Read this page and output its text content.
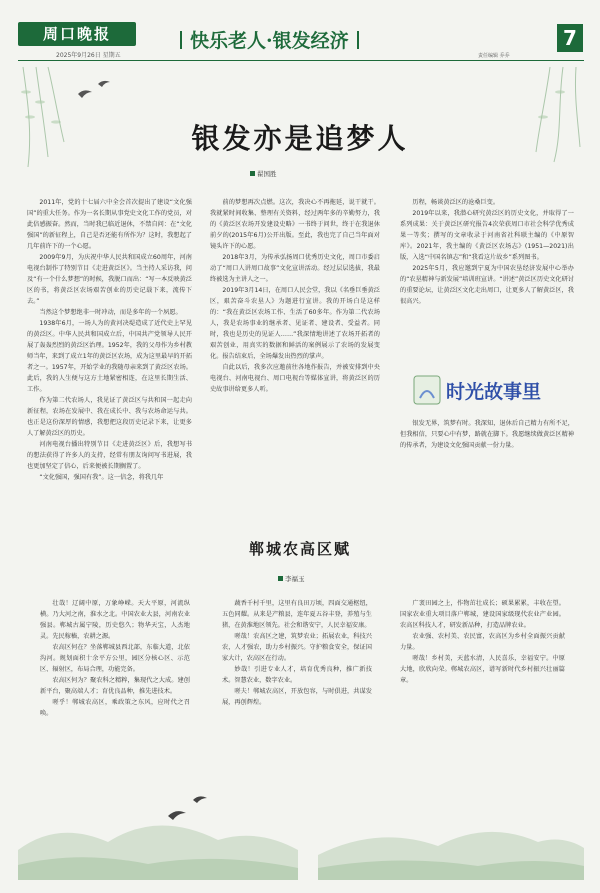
周口晚报	快乐老人·银发经济
2025年9月26日 星期五	责任编辑 乔乔
7
银发亦是追梦人
翟国胜

2011年，党的十七届六中全会首次提出了建设“文化强国”的重大任务。作为一名长期从事党史文化工作的党员，对此倍感振奋。然而，当时我已临近退休，不禁自问：在“文化强国”的新征程上，自己是否还能有所作为？这时，我想起了几年前许下的一个心愿。

2009年9月，为庆祝中华人民共和国成立60周年，河南电视台制作了特别节目《走进黄泛区》。当主持人采访我，问及“有一个什么梦想”的时候，我脱口而出：“写一本反映黄泛区的书，将黄泛区农场艰苦创业的历史记载下来，流传下去。”

当然这个梦想绝非一时冲动，而是多年的一个夙愿。

1938年6月，一场人为的黄河决堤造成了近代史上罕见的黄泛区。中华人民共和国成立后，中国共产党领导人民开展了轰轰烈烈的黄泛区治理。1952年，我的父母作为乡村教师当年，来到了成立1年的黄泛区农场，成为这里最早的开拓者之一。1957年，开始学业的我随母亲来到了黄泛区农场。此后，我的人生便与这方土地紧密相连，在这里长期生活、工作。

作为第二代农场人，我见证了黄泛区与共和国一起走向新征程，农场在发展中、我在成长中、我与农场命运与共。也正是这份深厚的情感，我想把这段历史记录下来，让更多人了解黄泛区的历史。

河南电视台播出特别节目《走进黄泛区》后，我想写书的想法获得了许多人的支持，经常有朋友询问写书进展，我也更加坚定了信心，后来便被长期搁置了。

“文化强国，强国有我”。这一信念，将我几年

前的梦想再次点燃。这次，我决心不再拖延，说干就干。我就紧时间收集、整理有关资料，经过两年多的辛勤努力，我的《黄泛区农场开发建设史略》一书终于问世，终于在我退休前夕的(2015年6月)公开出版。至此，我也完了自己当年面对镜头许下的心愿。

2018年3月，为传承弘扬周口优秀历史文化，周口市委启动了“周口人讲周口故事”文化宣讲活动。经过层层选拔，我最终被选为主讲人之一。

2019年3月14日，在周口人民会堂，我以《名垂巨垂黄泛区，艰苦奋斗农垦人》为题进行宣讲。我的开场白是这样的：“我在黄泛区农场工作、生活了60多年。作为第二代农场人，我是农场事业的继承者、见证者、建设者、受益者。同时，我也是历史的见证人……”我深情地讲述了农场开拓者的艰苦创业，用真实的数据和鲜活的案例展示了农场的发展变化。报告结束后，全场爆发出热烈的掌声。

自此以后，我多次应邀前往各地作报告，并被安排到中央电视台、河南电视台、周口电视台等媒体宣讲，将黄泛区的历史故事讲给更多人听。

历程，畅谈黄泛区的沧桑巨变。

2019年以来，我潜心研究黄泛区的历史文化，并取得了一系列成果：关于黄泛区研究报告4次荣获周口市社会科学优秀成果一等奖；撰写的文章收录于河南省社科联主编的《中原智库》。2021年，我主编的《黄泛区农场志》(1951—2021)出版，入选“中国名镇志”和“我看这片故乡”系列图书。

2025年5月，我应邀到宁夏为中国农垦经济发展中心举办的“农垦精神与新发展”培训班宣讲。“讲述”黄泛区历史文化研讨的重要论坛，让黄泛区文化走出周口，让更多人了解黄泛区，我很高兴。

时光故事里

银发无界，筑梦有时。我深知，退休后自己精力有所不足，但我相信，只要心中有梦，路就在脚下。我愿继续做黄泛区精神的传承者，为建设文化强国贡献一份力量。

郸城农高区赋
李福玉

壮哉！辽阔中原，万象峥嵘。天大平原，河流纵横。乃大河之南，淮水之北。中国农业大县，河南农业强县。郸城古属宁陵，历史悠久；物华天宝，人杰地灵。先民稼穑，农耕之源。

农高区何在？坐落郸城县西北部，东临大道，北依沟河。规划面积十余平方公里，园区分核心区、示范区、辐射区，布局合理，功能完备。

农高区何为？聚农科之精粹，集现代之大成。建创新平台，聚高端人才；育优良品种，推先进技术。

嗟乎！郸城农高区，乘政策之东风，应时代之召唤。

蔬香千村千里，这里有良田万顷，四面交通枢纽，五色同耀。从来是产粮县，连年夏五谷丰登，养殖与生猪，在黄淮地区领先。社会和谐安宁，人民幸福安康。

嗟哉！农高区之建，筑梦农业；拓展农业，科技兴农，人才强农，助力乡村振兴。守护粮食安全，保证国家大计，农高区在行动。

妙哉！引进专业人才，培育优秀良种，推广新技术。智慧农业，数字农业。

嗟夫！郸城农高区，开放包容，与时俱进，共谋发展，再创辉煌。

广袤田园之上，作物茁壮成长；硕果累累，丰收在望。国家农业重大项目落户郸城，建设国家级现代农业产业园。农高区科技人才，研发新品种，打造品牌农业。

农业强、农村美、农民富，农高区为乡村全面振兴贡献力量。

嗟哉！乡村美，天蓝水清，人民喜乐，幸福安宁。中原大地，欣欣向荣。郸城农高区，谱写新时代乡村振兴壮丽篇章。
